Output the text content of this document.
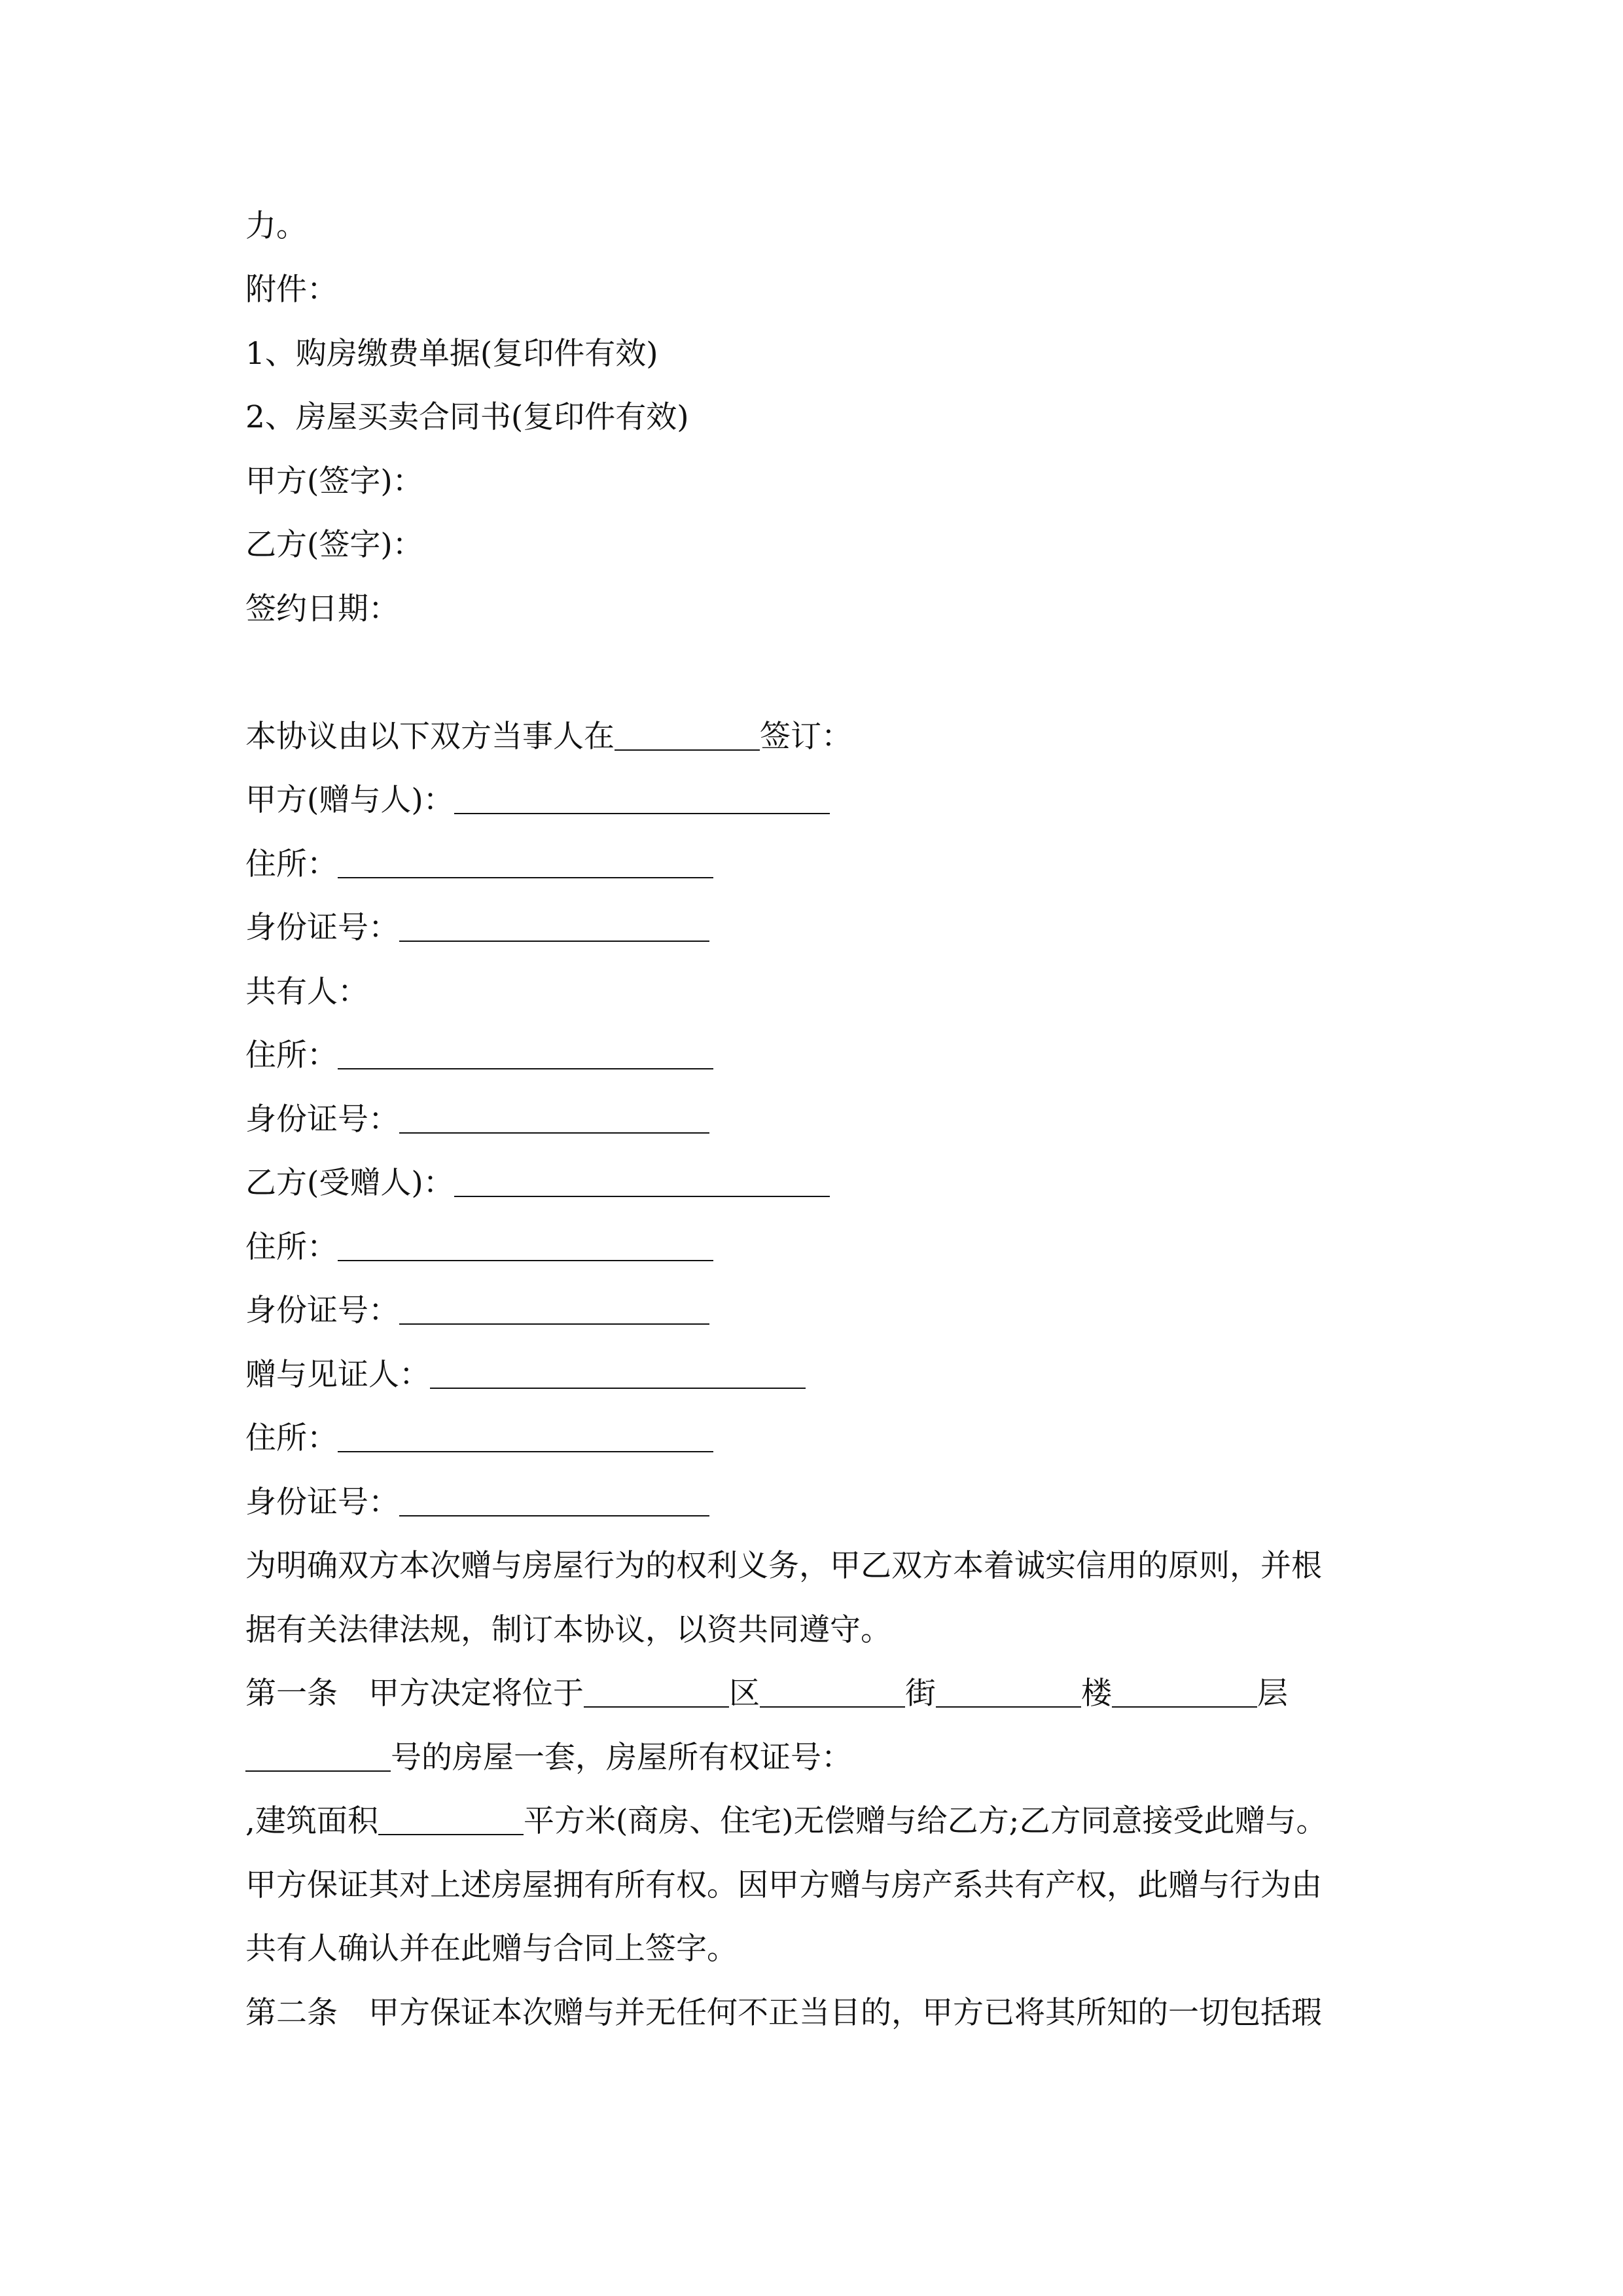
力。
附件：
1、购房缴费单据(复印件有效)
2、房屋买卖合同书(复印件有效)
甲方(签字)：
乙方(签字)：
签约日期：
本协议由以下双方当事人在	签订：
甲方(赠与人)：
住所：
身份证号：
共有人：
住所：
身份证号：
乙方(受赠人)：
住所：
身份证号：
赠与见证人：
住所：
身份证号：
为明确双方本次赠与房屋行为的权利义务，甲乙双方本着诚实信用的原则，并根
据有关法律法规，制订本协议，以资共同遵守。
第一条　甲方决定将位于	区	街	楼	层
号的房屋一套，房屋所有权证号：
,建筑面积	平方米(商房、住宅)无偿赠与给乙方;乙方同意接受此赠与。
甲方保证其对上述房屋拥有所有权。因甲方赠与房产系共有产权，此赠与行为由
共有人确认并在此赠与合同上签字。
第二条　甲方保证本次赠与并无任何不正当目的，甲方已将其所知的一切包括瑕
